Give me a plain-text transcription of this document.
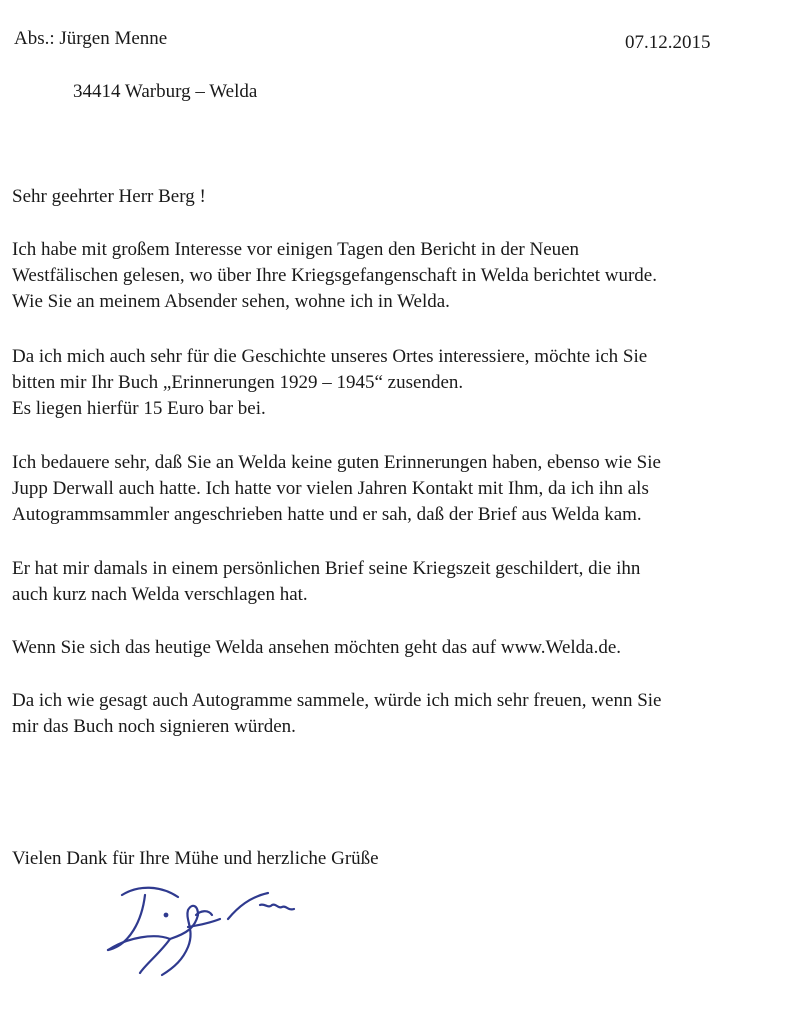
Abs.: Jürgen Menne	07.12.2015
34414 Warburg – Welda
Sehr geehrter Herr Berg !
Ich habe mit großem Interesse vor einigen Tagen den Bericht in der Neuen
Westfälischen gelesen, wo über Ihre Kriegsgefangenschaft in Welda berichtet wurde.
Wie Sie an meinem Absender sehen, wohne ich in Welda.
Da ich mich auch sehr für die Geschichte unseres Ortes interessiere, möchte ich Sie
bitten mir Ihr Buch „Erinnerungen 1929 – 1945“ zusenden.
Es liegen hierfür 15 Euro bar bei.
Ich bedauere sehr, daß Sie an Welda keine guten Erinnerungen haben, ebenso wie Sie
Jupp Derwall auch hatte. Ich hatte vor vielen Jahren Kontakt mit Ihm, da ich ihn als
Autogrammsammler angeschrieben hatte und er sah, daß der Brief aus Welda kam.
Er hat mir damals in einem persönlichen Brief seine Kriegszeit geschildert, die ihn
auch kurz nach Welda verschlagen hat.
Wenn Sie sich das heutige Welda ansehen möchten geht das auf www.Welda.de.
Da ich wie gesagt auch Autogramme sammele, würde ich mich sehr freuen, wenn Sie
mir das Buch noch signieren würden.
Vielen Dank für Ihre Mühe und herzliche Grüße
